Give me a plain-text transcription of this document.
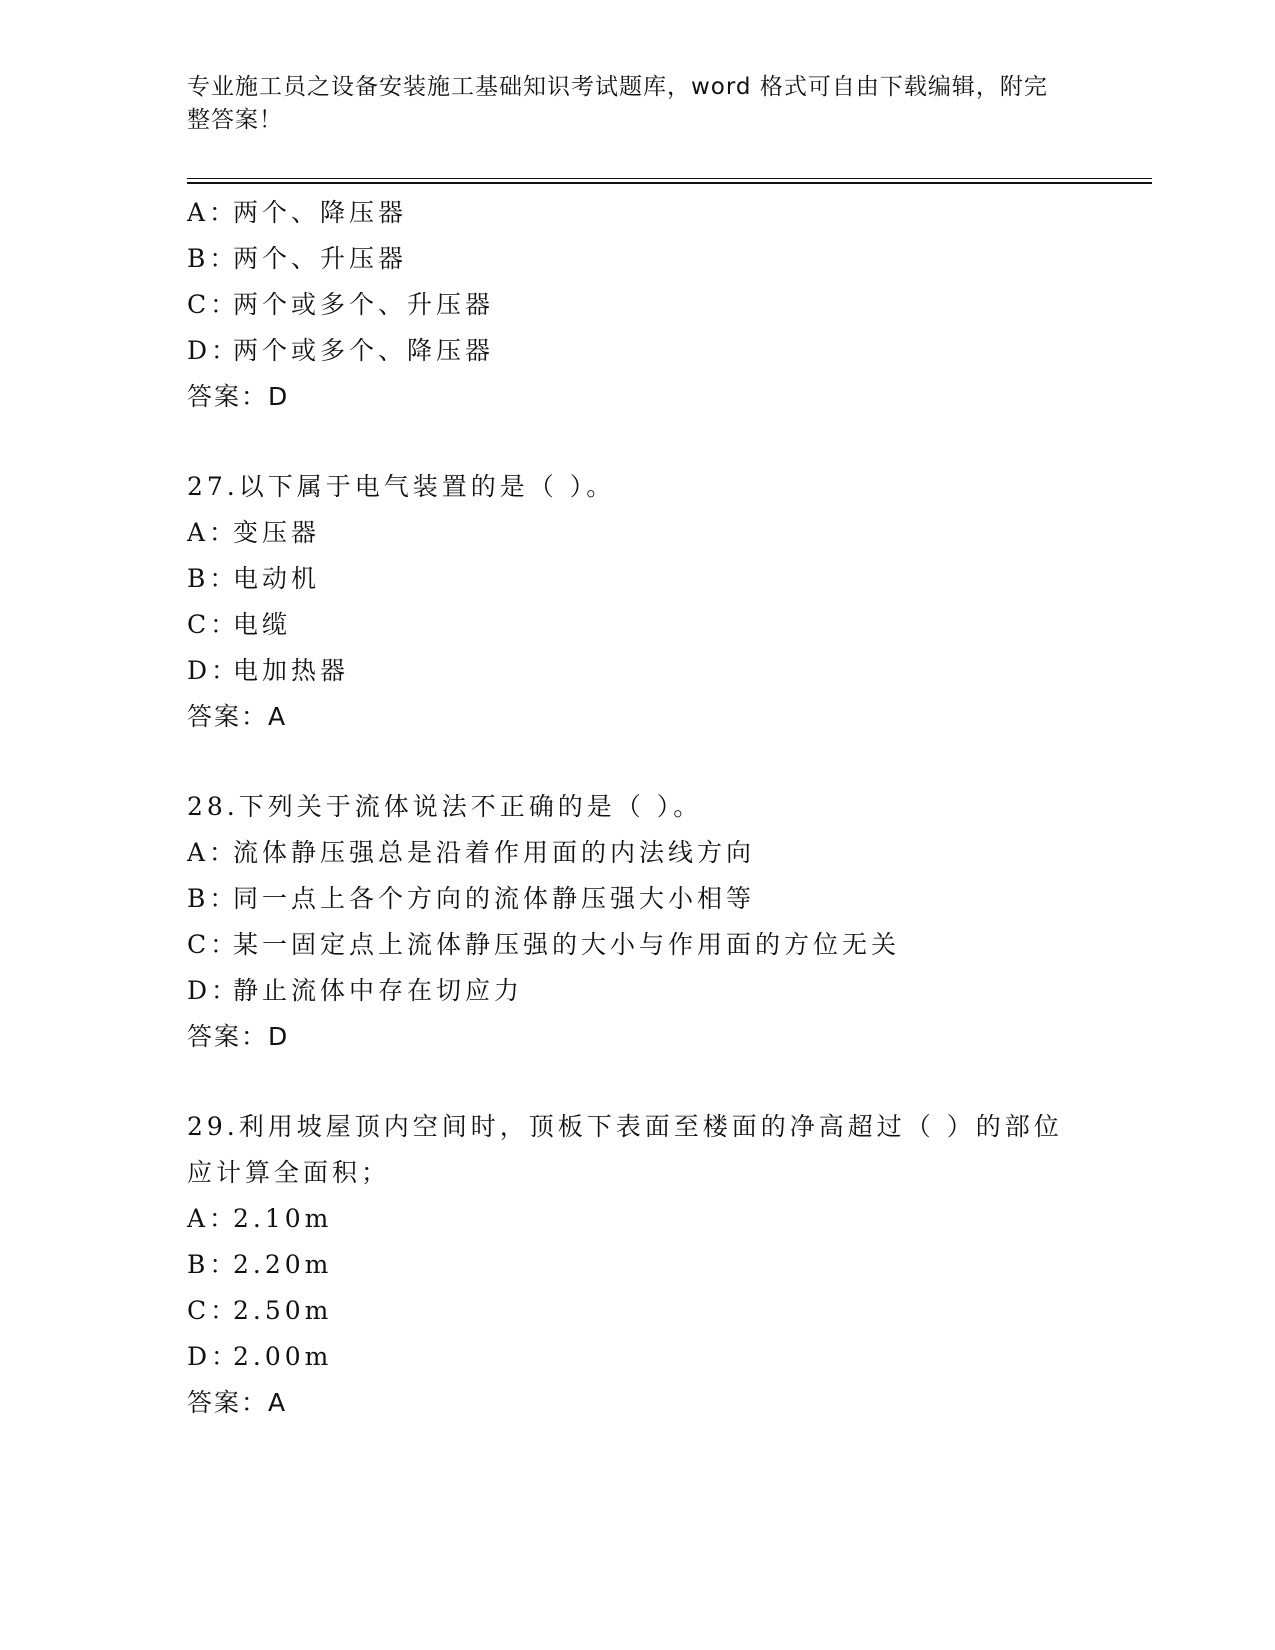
专业施工员之设备安装施工基础知识考试题库，word 格式可自由下载编辑，附完整答案！
A：两个、降压器
B：两个、升压器
C：两个或多个、升压器
D：两个或多个、降压器
答案：D
27.以下属于电气装置的是（ ）。
A：变压器
B：电动机
C：电缆
D：电加热器
答案：A
28.下列关于流体说法不正确的是（ ）。
A：流体静压强总是沿着作用面的内法线方向
B：同一点上各个方向的流体静压强大小相等
C：某一固定点上流体静压强的大小与作用面的方位无关
D：静止流体中存在切应力
答案：D
29.利用坡屋顶内空间时，顶板下表面至楼面的净高超过（ ）的部位应计算全面积；
A：2.10m
B：2.20m
C：2.50m
D：2.00m
答案：A
